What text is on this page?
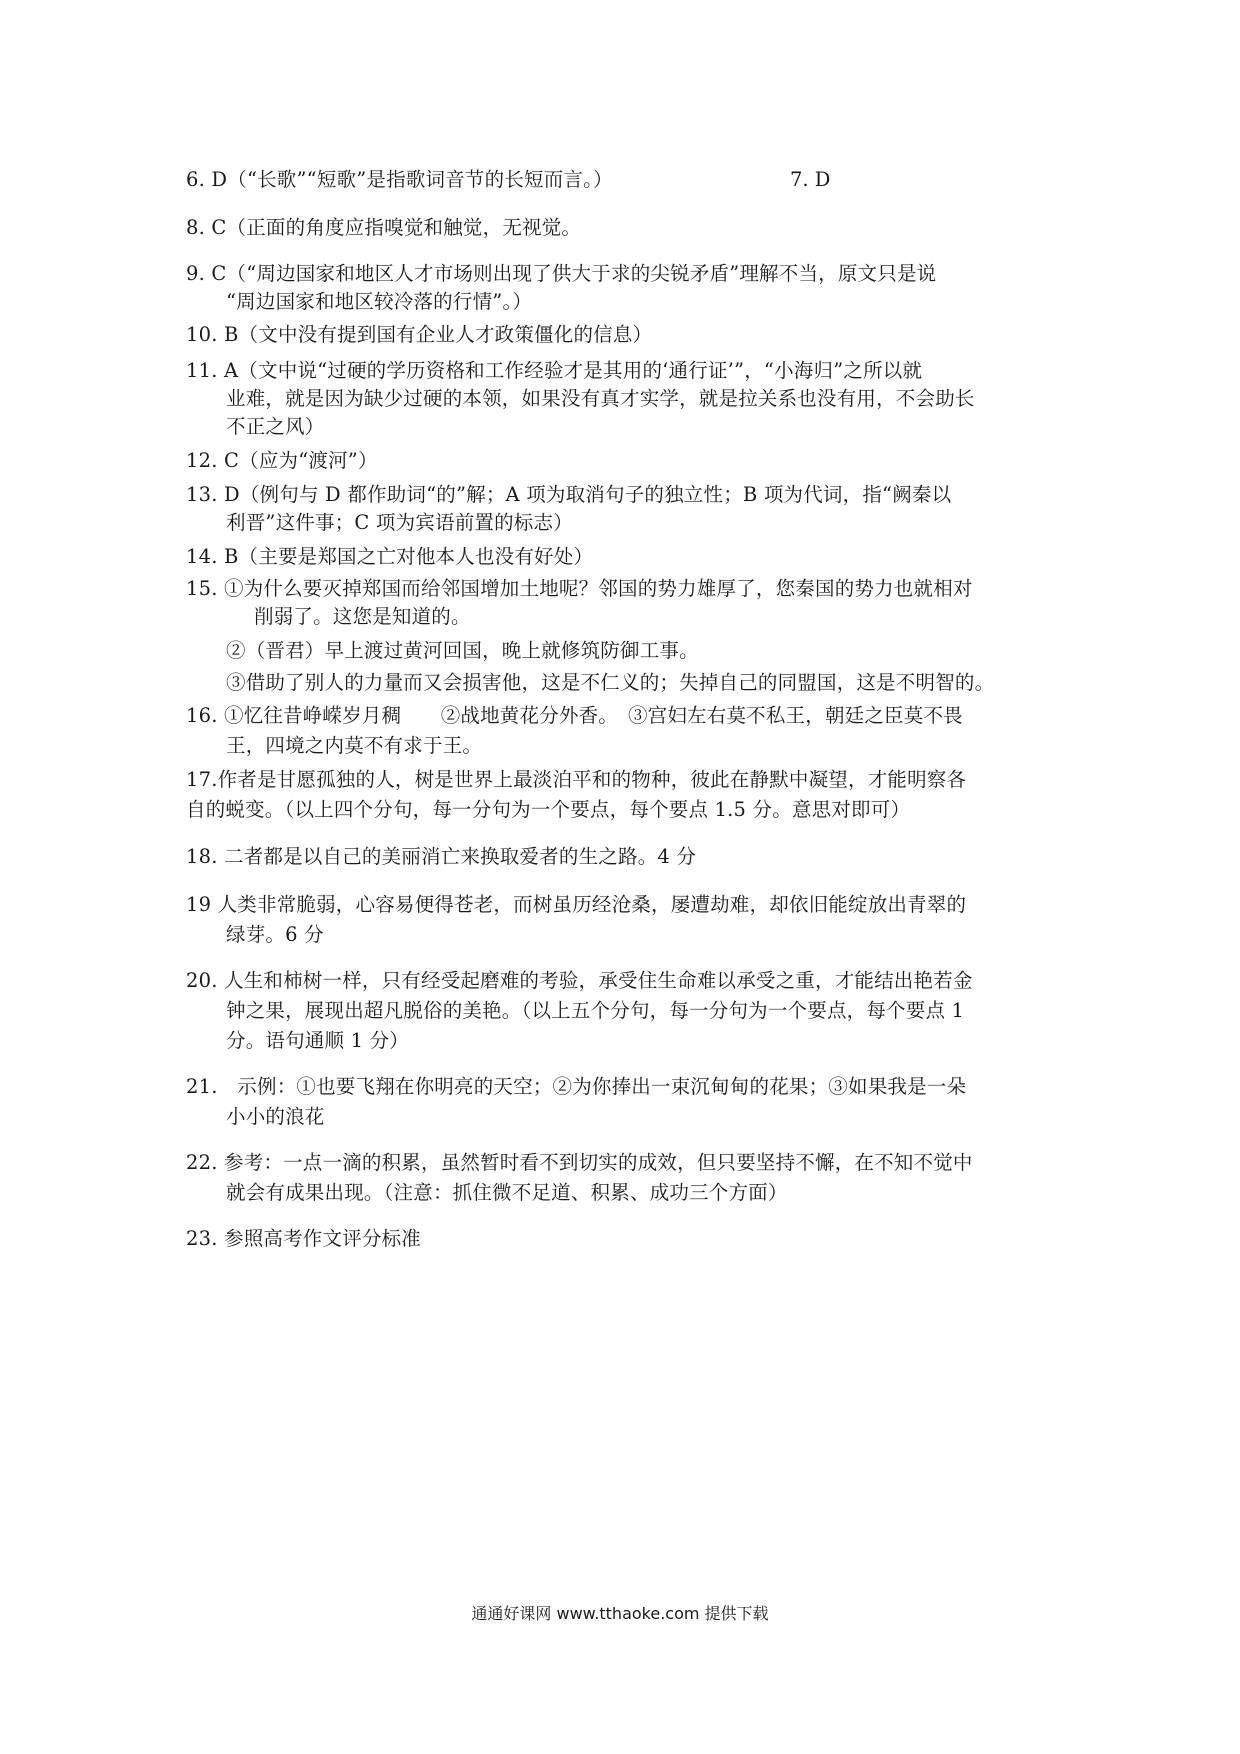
6. D（“长歌”“短歌”是指歌词音节的长短而言。）	7. D
8. C（正面的角度应指嗅觉和触觉，无视觉。
9. C（“周边国家和地区人才市场则出现了供大于求的尖锐矛盾”理解不当，原文只是说
“周边国家和地区较冷落的行情”。）
10. B（文中没有提到国有企业人才政策僵化的信息）
11. A（文中说“过硬的学历资格和工作经验才是其用的‘通行证’”，“小海归”之所以就
业难，就是因为缺少过硬的本领，如果没有真才实学，就是拉关系也没有用，不会助长
不正之风）
12. C（应为“渡河”）
13. D（例句与 D 都作助词“的”解；A 项为取消句子的独立性；B 项为代词，指“阙秦以
利晋”这件事；C 项为宾语前置的标志）
14. B（主要是郑国之亡对他本人也没有好处）
15. ①为什么要灭掉郑国而给邻国增加土地呢？邻国的势力雄厚了，您秦国的势力也就相对
削弱了。这您是知道的。
②（晋君）早上渡过黄河回国，晚上就修筑防御工事。
③借助了别人的力量而又会损害他，这是不仁义的；失掉自己的同盟国，这是不明智的。
16. ①忆往昔峥嵘岁月稠　　②战地黄花分外香。　③宫妇左右莫不私王，朝廷之臣莫不畏
王，四境之内莫不有求于王。
17.作者是甘愿孤独的人，树是世界上最淡泊平和的物种，彼此在静默中凝望，才能明察各
自的蜕变。（以上四个分句，每一分句为一个要点，每个要点 1.5 分。意思对即可）
18. 二者都是以自己的美丽消亡来换取爱者的生之路。4 分
19 人类非常脆弱，心容易便得苍老，而树虽历经沧桑，屡遭劫难，却依旧能绽放出青翠的
绿芽。6 分
20. 人生和柿树一样，只有经受起磨难的考验，承受住生命难以承受之重，才能结出艳若金
钟之果，展现出超凡脱俗的美艳。（以上五个分句，每一分句为一个要点，每个要点 1
分。语句通顺 1 分）
21.　示例：①也要飞翔在你明亮的天空；②为你捧出一束沉甸甸的花果；③如果我是一朵
小小的浪花
22. 参考：一点一滴的积累，虽然暂时看不到切实的成效，但只要坚持不懈，在不知不觉中
就会有成果出现。（注意：抓住微不足道、积累、成功三个方面）
23. 参照高考作文评分标准
通通好课网 www.tthaoke.com 提供下载
